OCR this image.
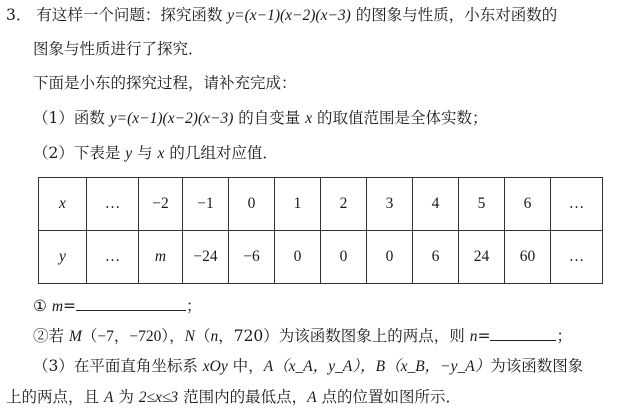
3． 有这样一个问题：探究函数 y=(x−1)(x−2)(x−3) 的图象与性质，小东对函数的
图象与性质进行了探究．
下面是小东的探究过程，请补充完成：
（1）函数 y=(x−1)(x−2)(x−3) 的自变量 x 的取值范围是全体实数；
（2）下表是 y 与 x 的几组对应值．
x	…	−2	−1	0	1	2	3	4	5	6	…
y	…	m	−24	−6	0	0	0	6	24	60	…
① m=	；
②若 M（−7，−720），N（n，720）为该函数图象上的两点，则 n=	；
（3）在平面直角坐标系 xOy 中，A（x_A，y_A），B（x_B，−y_A）为该函数图象
上的两点，且 A 为 2≤x≤3 范围内的最低点，A 点的位置如图所示．
